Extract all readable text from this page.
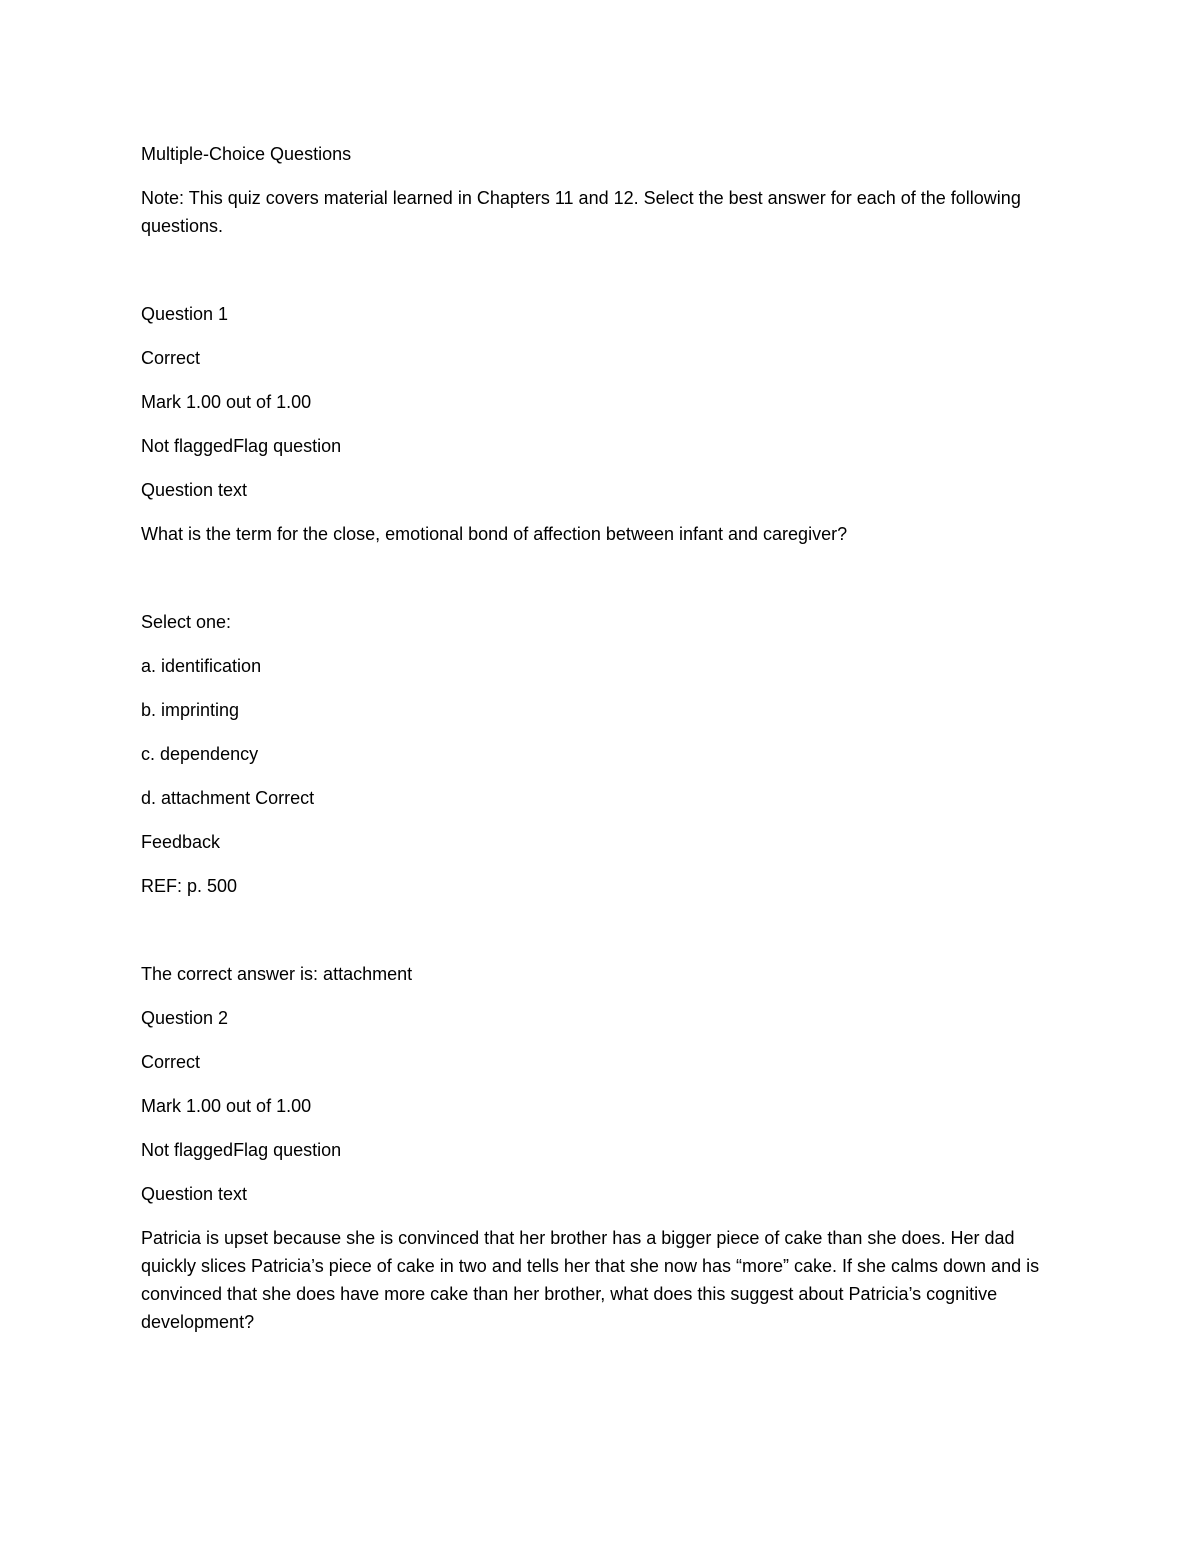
Multiple-Choice Questions

Note: This quiz covers material learned in Chapters 11 and 12. Select the best answer for each of the following questions.

Question 1

Correct

Mark 1.00 out of 1.00

Not flaggedFlag question

Question text

What is the term for the close, emotional bond of affection between infant and caregiver?

Select one:

a. identification

b. imprinting

c. dependency

d. attachment Correct

Feedback

REF: p. 500

The correct answer is: attachment

Question 2

Correct

Mark 1.00 out of 1.00

Not flaggedFlag question

Question text

Patricia is upset because she is convinced that her brother has a bigger piece of cake than she does. Her dad quickly slices Patricia’s piece of cake in two and tells her that she now has “more” cake. If she calms down and is convinced that she does have more cake than her brother, what does this suggest about Patricia’s cognitive development?
